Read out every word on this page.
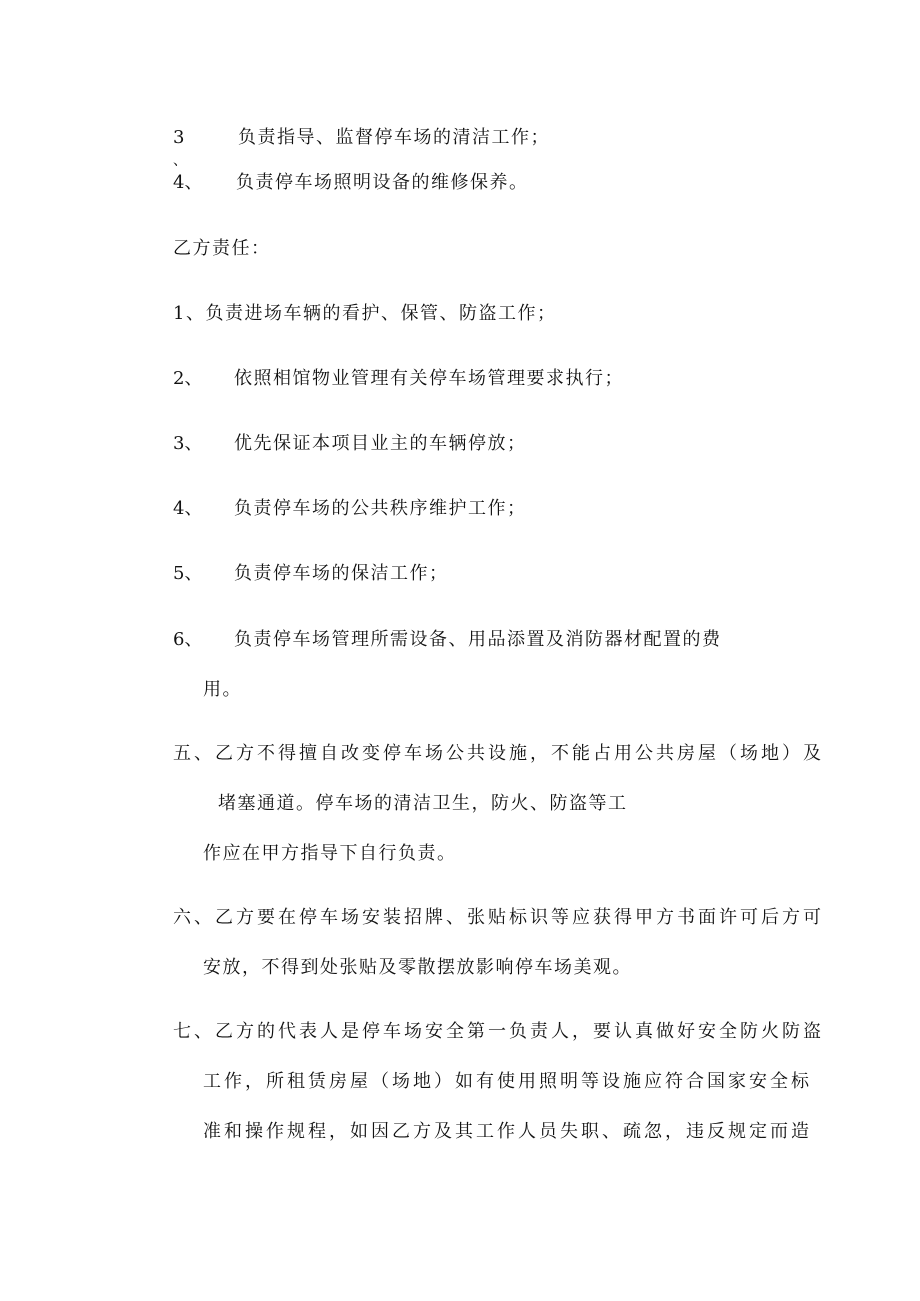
3	负责指导、监督停车场的清洁工作；
、
4、 负责停车场照明设备的维修保养。
乙方责任：
1、负责进场车辆的看护、保管、防盗工作；
2、 依照相馆物业管理有关停车场管理要求执行；
3、 优先保证本项目业主的车辆停放；
4、 负责停车场的公共秩序维护工作；
5、 负责停车场的保洁工作；
6、 负责停车场管理所需设备、用品添置及消防器材配置的费
用。
五、乙方不得擅自改变停车场公共设施，不能占用公共房屋（场地）及
堵塞通道。停车场的清洁卫生，防火、防盗等工
作应在甲方指导下自行负责。
六、乙方要在停车场安装招牌、张贴标识等应获得甲方书面许可后方可
安放，不得到处张贴及零散摆放影响停车场美观。
七、乙方的代表人是停车场安全第一负责人，要认真做好安全防火防盗
工作，所租赁房屋（场地）如有使用照明等设施应符合国家安全标
准和操作规程，如因乙方及其工作人员失职、疏忽，违反规定而造
